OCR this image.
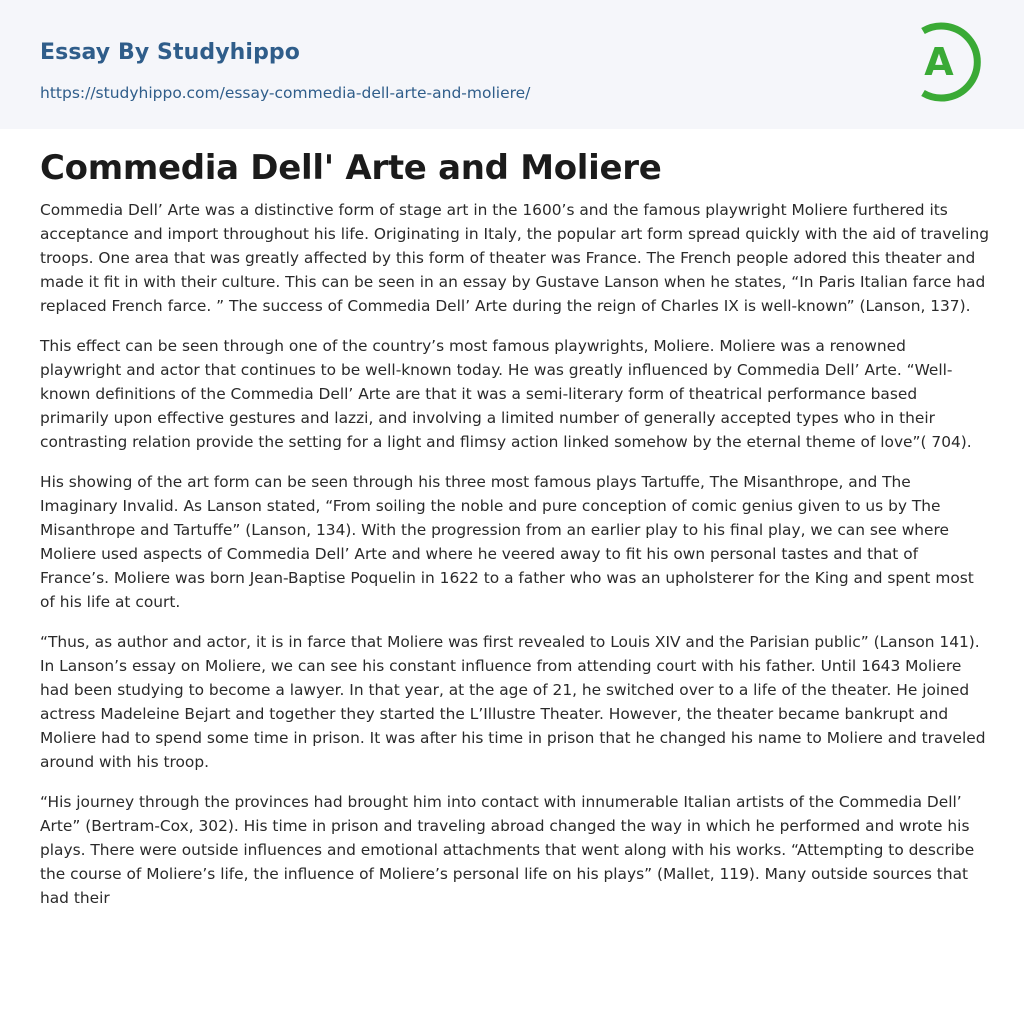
Essay By Studyhippo
https://studyhippo.com/essay-commedia-dell-arte-and-moliere/
A
Commedia Dell' Arte and Moliere

Commedia Dell’ Arte was a distinctive form of stage art in the 1600’s and the famous playwright Moliere furthered its acceptance and import throughout his life. Originating in Italy, the popular art form spread quickly with the aid of traveling troops. One area that was greatly affected by this form of theater was France. The French people adored this theater and made it fit in with their culture. This can be seen in an essay by Gustave Lanson when he states, “In Paris Italian farce had replaced French farce. ” The success of Commedia Dell’ Arte during the reign of Charles IX is well-known” (Lanson, 137).

This effect can be seen through one of the country’s most famous playwrights, Moliere. Moliere was a renowned playwright and actor that continues to be well-known today. He was greatly influenced by Commedia Dell’ Arte. “Well-known definitions of the Commedia Dell’ Arte are that it was a semi-literary form of theatrical performance based primarily upon effective gestures and lazzi, and involving a limited number of generally accepted types who in their contrasting relation provide the setting for a light and flimsy action linked somehow by the eternal theme of love”( 704).

His showing of the art form can be seen through his three most famous plays Tartuffe, The Misanthrope, and The Imaginary Invalid. As Lanson stated, “From soiling the noble and pure conception of comic genius given to us by The Misanthrope and Tartuffe” (Lanson, 134). With the progression from an earlier play to his final play, we can see where Moliere used aspects of Commedia Dell’ Arte and where he veered away to fit his own personal tastes and that of France’s. Moliere was born Jean-Baptise Poquelin in 1622 to a father who was an upholsterer for the King and spent most of his life at court.

“Thus, as author and actor, it is in farce that Moliere was first revealed to Louis XIV and the Parisian public” (Lanson 141). In Lanson’s essay on Moliere, we can see his constant influence from attending court with his father. Until 1643 Moliere had been studying to become a lawyer. In that year, at the age of 21, he switched over to a life of the theater. He joined actress Madeleine Bejart and together they started the L’Illustre Theater. However, the theater became bankrupt and Moliere had to spend some time in prison. It was after his time in prison that he changed his name to Moliere and traveled around with his troop.

“His journey through the provinces had brought him into contact with innumerable Italian artists of the Commedia Dell’ Arte” (Bertram-Cox, 302). His time in prison and traveling abroad changed the way in which he performed and wrote his plays. There were outside influences and emotional attachments that went along with his works. “Attempting to describe the course of Moliere’s life, the influence of Moliere’s personal life on his plays” (Mallet, 119). Many outside sources that had their
